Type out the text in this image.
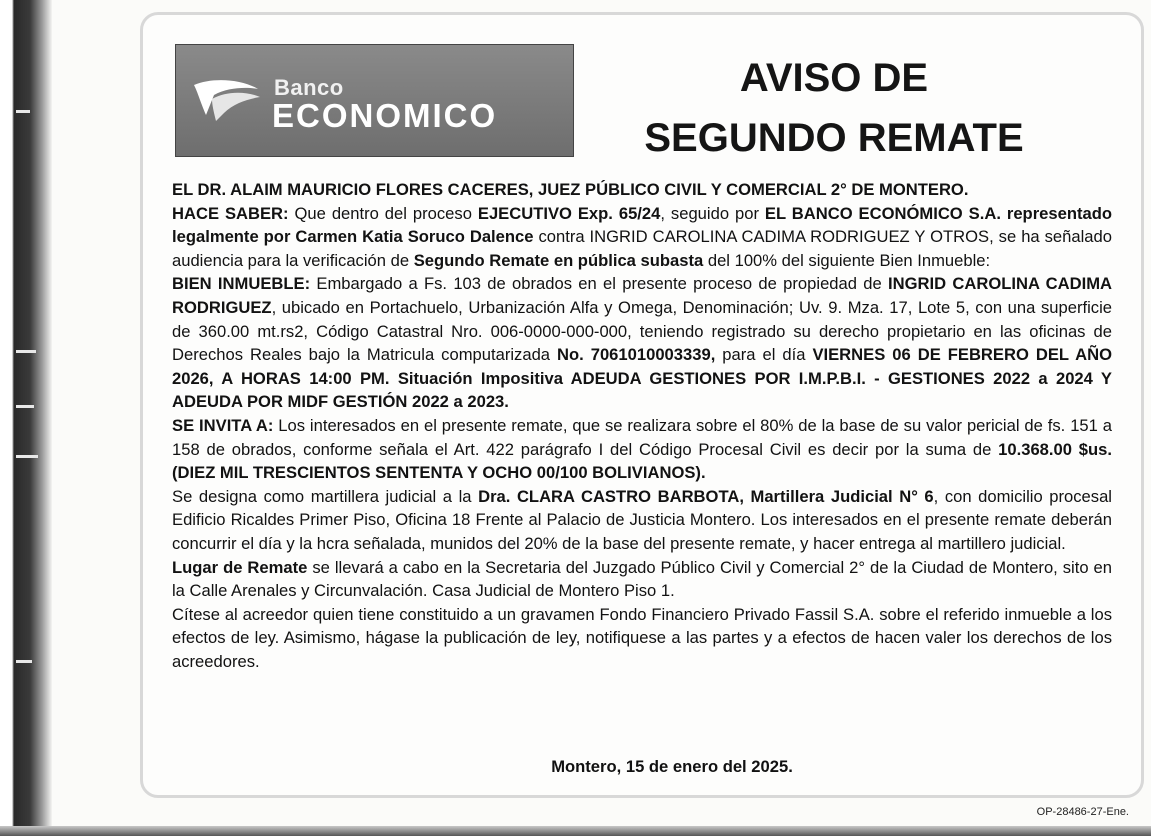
Banco
ECONOMICO
AVISO DE
SEGUNDO REMATE

EL DR. ALAIM MAURICIO FLORES CACERES, JUEZ PÚBLICO CIVIL Y COMERCIAL 2° DE MONTERO.

HACE SABER: Que dentro del proceso EJECUTIVO Exp. 65/24, seguido por EL BANCO ECONÓMICO S.A. representado legalmente por Carmen Katia Soruco Dalence contra INGRID CAROLINA CADIMA RODRIGUEZ Y OTROS, se ha señalado audiencia para la verificación de Segundo Remate en pública subasta del 100% del siguiente Bien Inmueble:

BIEN INMUEBLE: Embargado a Fs. 103 de obrados en el presente proceso de propiedad de INGRID CAROLINA CADIMA RODRIGUEZ, ubicado en Portachuelo, Urbanización Alfa y Omega, Denominación; Uv. 9. Mza. 17, Lote 5, con una superficie de 360.00 mt.rs2, Código Catastral Nro. 006-0000-000-000, teniendo registrado su derecho propietario en las oficinas de Derechos Reales bajo la Matricula computarizada No. 7061010003339, para el día VIERNES 06 DE FEBRERO DEL AÑO 2026, A HORAS 14:00 PM. Situación Impositiva ADEUDA GESTIONES POR I.M.P.B.I. - GESTIONES 2022 a 2024 Y ADEUDA POR MIDF GESTIÓN 2022 a 2023.

SE INVITA A: Los interesados en el presente remate, que se realizara sobre el 80% de la base de su valor pericial de fs. 151 a 158 de obrados, conforme señala el Art. 422 parágrafo I del Código Procesal Civil es decir por la suma de 10.368.00 $us. (DIEZ MIL TRESCIENTOS SENTENTA Y OCHO 00/100 BOLIVIANOS).

Se designa como martillera judicial a la Dra. CLARA CASTRO BARBOTA, Martillera Judicial N° 6, con domicilio procesal Edificio Ricaldes Primer Piso, Oficina 18 Frente al Palacio de Justicia Montero. Los interesados en el presente remate deberán concurrir el día y la hcra señalada, munidos del 20% de la base del presente remate, y hacer entrega al martillero judicial.

Lugar de Remate se llevará a cabo en la Secretaria del Juzgado Público Civil y Comercial 2° de la Ciudad de Montero, sito en la Calle Arenales y Circunvalación. Casa Judicial de Montero Piso 1.

Cítese al acreedor quien tiene constituido a un gravamen Fondo Financiero Privado Fassil S.A. sobre el referido inmueble a los efectos de ley. Asimismo, hágase la publicación de ley, notifiquese a las partes y a efectos de hacen valer los derechos de los acreedores.

Montero, 15 de enero del 2025.
OP-28486-27-Ene.
